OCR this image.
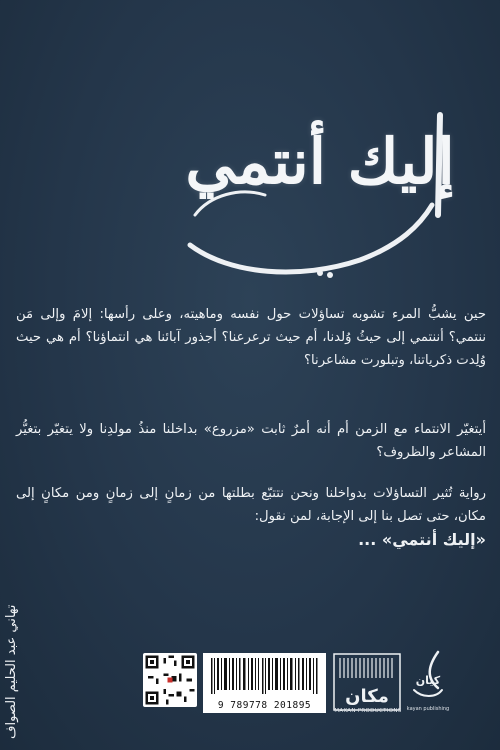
إليك أنتمي
حين يشبُّ المرء تشوبه تساؤلات حول نفسه وماهيته، وعلى رأسها: إلامَ وإلى مَن ننتمي؟ أننتمي إلى حيثُ وُلدنا، أم حيث ترعرعنا؟ أجذور آبائنا هي انتماؤنا؟ أم هي حيث وُلِدت ذكرياتنا، وتبلورت مشاعرنا؟
أيتغيّر الانتماء مع الزمن أم أنه أمرٌ ثابت «مزروع» بداخلنا منذُ مولدِنا ولا يتغيّر بتغيُّر المشاعر والظروف؟
رواية تُثير التساؤلات بدواخلنا ونحن نتتبّع بطلتها من زمانٍ إلى زمانٍ ومن مكانٍ إلى مكان، حتى تصل بنا إلى الإجابة، لمن نقول:
«إليك أنتمي» ...
تهاني عبد الحليم الصواف	9 789778 201895	مكان
MAKAN PRODUCTIONS
كيان
kayan publishing
